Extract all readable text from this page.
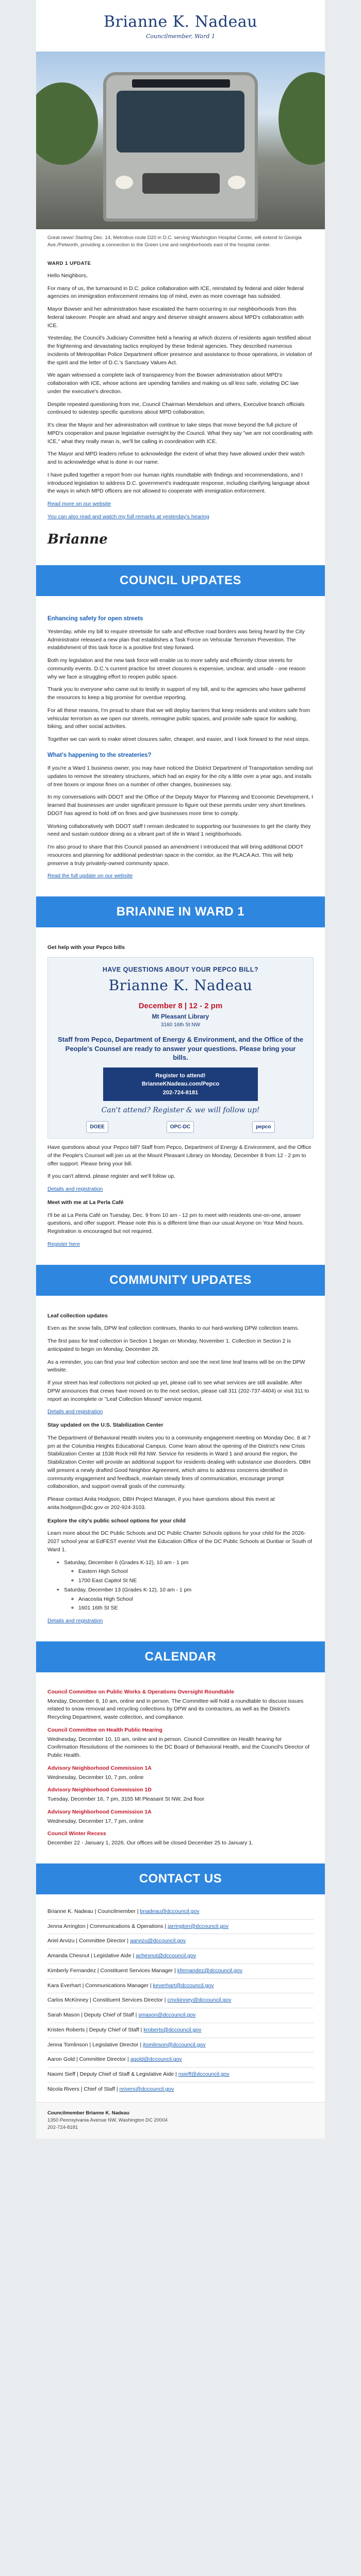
Brianne K. Nadeau
Councilmember, Ward 1
Great news! Starting Dec. 14, Metrobus route D20 in D.C. serving Washington Hospital Center, will extend to Georgia Ave./Petworth, providing a connection to the Green Line and neighborhoods east of the hospital center.

WARD 1 UPDATE

Hello Neighbors,

For many of us, the turnaround in D.C. police collaboration with ICE, reinstated by federal and older federal agencies on immigration enforcement remains top of mind, even as more coverage has subsided.

Mayor Bowser and her administration have escalated the harm occurring in our neighborhoods from this federal takeover. People are afraid and angry and deserve straight answers about MPD's collaboration with ICE.

Yesterday, the Council's Judiciary Committee held a hearing at which dozens of residents again testified about the frightening and devastating tactics employed by these federal agencies. They described numerous incidents of Metropolitan Police Department officer presence and assistance to those operations, in violation of the spirit and the letter of D.C.'s Sanctuary Values Act.

We again witnessed a complete lack of transparency from the Bowser administration about MPD's collaboration with ICE, whose actions are upending families and making us all less safe, violating DC law under the executive's direction.

Despite repeated questioning from me, Council Chairman Mendelson and others, Executive branch officials continued to sidestep specific questions about MPD collaboration.

It's clear the Mayor and her administration will continue to take steps that move beyond the full picture of MPD's cooperation and pause legislative oversight by the Council. What they say "we are not coordinating with ICE," what they really mean is, we'll be calling in coordination with ICE.

The Mayor and MPD leaders refuse to acknowledge the extent of what they have allowed under their watch and to acknowledge what is done in our name.

I have pulled together a report from our human rights roundtable with findings and recommendations, and I introduced legislation to address D.C. government's inadequate response, including clarifying language about the ways in which MPD officers are not allowed to cooperate with immigration enforcement.

Read more on our website

You can also read and watch my full remarks at yesterday's hearing

Brianne
COUNCIL UPDATES
Enhancing safety for open streets

Yesterday, while my bill to require streetside for safe and effective road borders was being heard by the City Administrator released a new plan that establishes a Task Force on Vehicular Terrorism Prevention. The establishment of this task force is a positive first step forward.

Both my legislation and the new task force will enable us to more safely and efficiently close streets for community events. D.C.'s current practice for street closures is expensive, unclear, and unsafe - one reason why we face a struggling effort to reopen public space.

Thank you to everyone who came out to testify in support of my bill, and to the agencies who have gathered the resources to keep a big promise for overdue reporting.

For all these reasons, I'm proud to share that we will deploy barriers that keep residents and visitors safe from vehicular terrorism as we open our streets, reimagine public spaces, and provide safe space for walking, biking, and other social activities.

Together we can work to make street closures safer, cheaper, and easier, and I look forward to the next steps.

What's happening to the streateries?

If you're a Ward 1 business owner, you may have noticed the District Department of Transportation sending out updates to remove the streatery structures, which had an expiry for the city a little over a year ago, and installs of tree boxes or impose fines on a number of other changes, businesses say.

In my conversations with DDOT and the Office of the Deputy Mayor for Planning and Economic Development, I learned that businesses are under significant pressure to figure out these permits under very short timelines. DDOT has agreed to hold off on fines and give businesses more time to comply.

Working collaboratively with DDOT staff I remain dedicated to supporting our businesses to get the clarity they need and sustain outdoor dining as a vibrant part of life in Ward 1 neighborhoods.

I'm also proud to share that this Council passed an amendment I introduced that will bring additional DDOT resources and planning for additional pedestrian space in the corridor, as the PLACA Act. This will help preserve a truly privately-owned community space.

Read the full update on our website

BRIANNE IN WARD 1
Get help with your Pepco bills
HAVE QUESTIONS ABOUT YOUR PEPCO BILL?
Brianne K. Nadeau
December 8 | 12 - 2 pm
Mt Pleasant Library
3160 16th St NW
Staff from Pepco, Department of Energy & Environment, and the Office of the People's Counsel are ready to answer your questions. Please bring your bills.
Register to attend!
BrianneKNadeau.com/Pepco
202-724-8181
Can't attend? Register & we will follow up!
DOEE	OPC-DC	pepco

Have questions about your Pepco bill? Staff from Pepco, Department of Energy & Environment, and the Office of the People's Counsel will join us at the Mount Pleasant Library on Monday, December 8 from 12 - 2 pm to offer support. Please bring your bill.

If you can't attend, please register and we'll follow up.

Details and registration

Meet with me at La Perla Café

I'll be at La Perla Café on Tuesday, Dec. 9 from 10 am - 12 pm to meet with residents one-on-one, answer questions, and offer support. Please note this is a different time than our usual Anyone on Your Mind hours. Registration is encouraged but not required.

Register here

COMMUNITY UPDATES
Leaf collection updates

Even as the snow falls, DPW leaf collection continues, thanks to our hard-working DPW collection teams.

The first pass for leaf collection in Section 1 began on Monday, November 1. Collection in Section 2 is anticipated to begin on Monday, December 29.

As a reminder, you can find your leaf collection section and see the next time leaf teams will be on the DPW website.

If your street has leaf collections not picked up yet, please call to see what services are still available. After DPW announces that crews have moved on to the next section, please call 311 (202-737-4404) or visit 311 to report an incomplete or "Leaf Collection Missed" service request.

Details and registration

Stay updated on the U.S. Stabilization Center

The Department of Behavioral Health invites you to a community engagement meeting on Monday Dec. 8 at 7 pm at the Columbia Heights Educational Campus. Come learn about the opening of the District's new Crisis Stabilization Center at 1538 Rock Hill Rd NW. Service for residents in Ward 1 and around the region, the Stabilization Center will provide an additional support for residents dealing with substance use disorders. DBH will present a newly drafted Good Neighbor Agreement, which aims to address concerns identified in community engagement and feedback, maintain steady lines of communication, encourage prompt collaboration, and support overall goals of the community.

Please contact Anita Hodgson, DBH Project Manager, if you have questions about this event at anita.hodgson@dc.gov or 202-924-3103.

Explore the city's public school options for your child

Learn more about the DC Public Schools and DC Public Charter Schools options for your child for the 2026-2027 school year at EdFEST events! Visit the Education Office of the DC Public Schools at Dunbar or South of Ward 1.

• Saturday, December 6 (Grades K-12), 10 am - 1 pm
◦ Eastern High School
◦ 1700 East Capitol St NE
• Saturday, December 13 (Grades K-12), 10 am - 1 pm
◦ Anacostia High School
◦ 1601 16th St SE

Details and registration

CALENDAR
Council Committee on Public Works & Operations Oversight Roundtable

Monday, December 8, 10 am, online and in person. The Committee will hold a roundtable to discuss issues related to snow removal and recycling collections by DPW and its contractors, as well as the District's Recycling Department, waste collection, and compliance.

Council Committee on Health Public Hearing

Wednesday, December 10, 10 am, online and in person. Council Committee on Health hearing for Confirmation Resolutions of the nominees to the DC Board of Behavioral Health, and the Council's Director of Public Health.

Advisory Neighborhood Commission 1A

Wednesday, December 10, 7 pm, online

Advisory Neighborhood Commission 1D

Tuesday, December 16, 7 pm, 3155 Mt Pleasant St NW, 2nd floor

Advisory Neighborhood Commission 1A

Wednesday, December 17, 7 pm, online

Council Winter Recess

December 22 - January 1, 2026. Our offices will be closed December 25 to January 1.

CONTACT US

Brianne K. Nadeau | Councilmember | bnadeau@dccouncil.gov

Jenna Arrington | Communications & Operations | jarrington@dccouncil.gov

Ariel Arvizu | Committee Director | aarvizu@dccouncil.gov

Amanda Chesnut | Legislative Aide | achesnut@dccouncil.gov

Kimberly Fernandez | Constituent Services Manager | kfernandez@dccouncil.gov

Kara Everhart | Communications Manager | keverhart@dccouncil.gov

Carlos McKinney | Constituent Services Director | cmckinney@dccouncil.gov

Sarah Mason | Deputy Chief of Staff | smason@dccouncil.gov

Kristen Roberts | Deputy Chief of Staff | kroberts@dccouncil.gov

Jenna Tomlinson | Legislative Director | jtomlinson@dccouncil.gov

Aaron Gold | Committee Director | agold@dccouncil.gov

Naomi Sieff | Deputy Chief of Staff & Legislative Aide | nsieff@dccouncil.gov

Nicola Rivers | Chief of Staff | nrivers@dccouncil.gov

Councilmember Brianne K. Nadeau
1350 Pennsylvania Avenue NW, Washington DC 20004
202-724-8181
